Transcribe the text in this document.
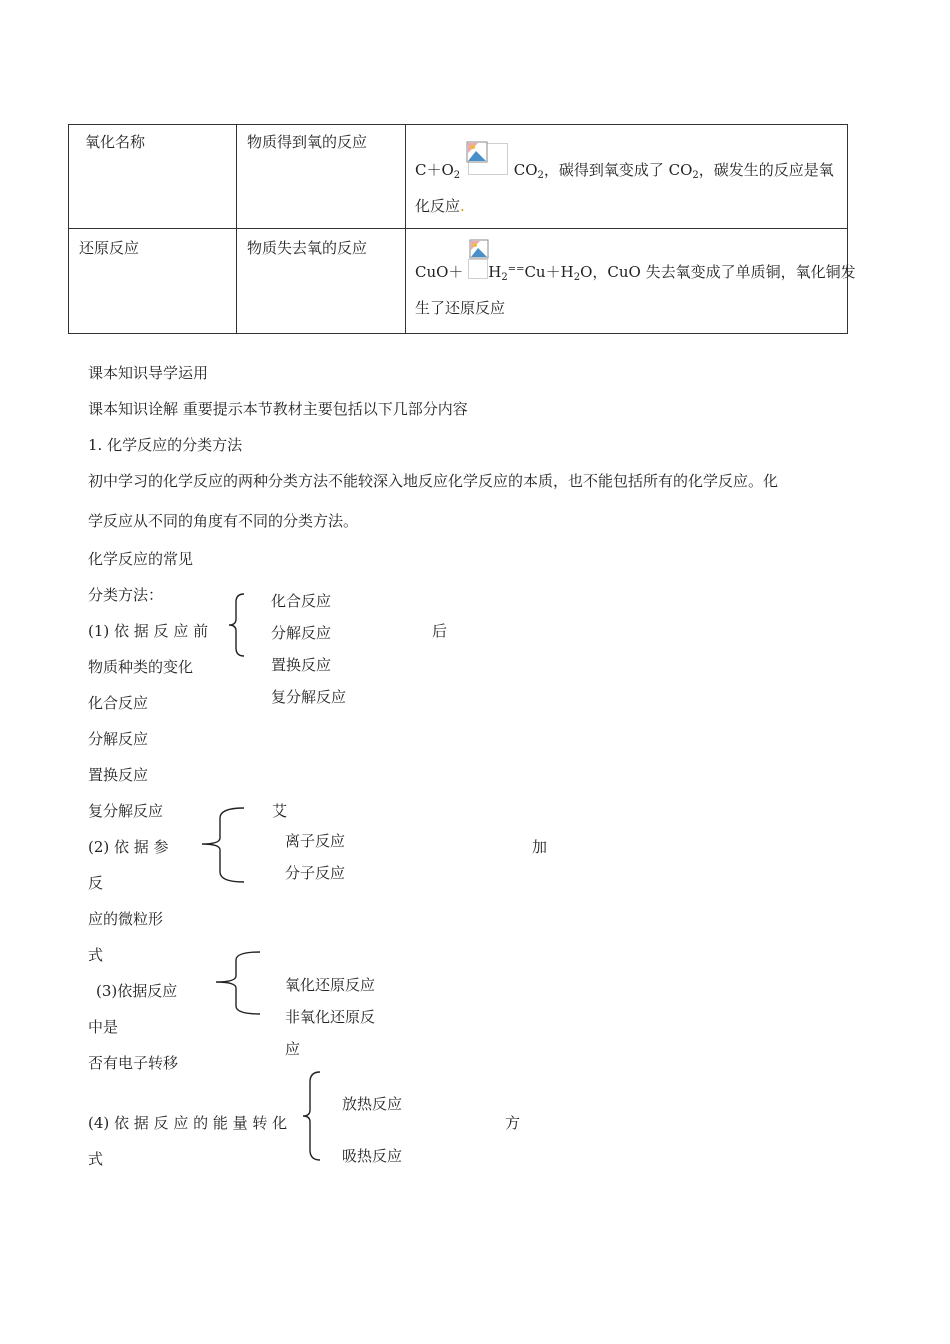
氧化名称	物质得到氧的反应	$C+O_2$ $CO_2$，碳得到氧变成了 $CO_2$，碳发生的反应是氧
化反应.

还原反应	物质失去氧的反应	$CuO+ H_2^{==}Cu+H_2O$，CuO 失去氧变成了单质铜，氧化铜发
生了还原反应
课本知识导学运用
课本知识诠解 重要提示本节教材主要包括以下几部分内容
1. 化学反应的分类方法
初中学习的化学反应的两种分类方法不能较深入地反应化学反应的本质，也不能包括所有的化学反应。化
学反应从不同的角度有不同的分类方法。
化学反应的常见
分类方法：
(1) 依 据 反 应 前
物质种类的变化
化合反应
分解反应
置换反应
复分解反应
后
化合反应
分解反应
置换反应
复分解反应
(2) 依 据 参
反
应的微粒形
式
艾
离子反应
分子反应
加
(3)依据反应
中是
否有电子转移
氧化还原反应
非氧化还原反
应
(4) 依 据 反 应 的 能 量 转 化
式
放热反应
吸热反应
方
